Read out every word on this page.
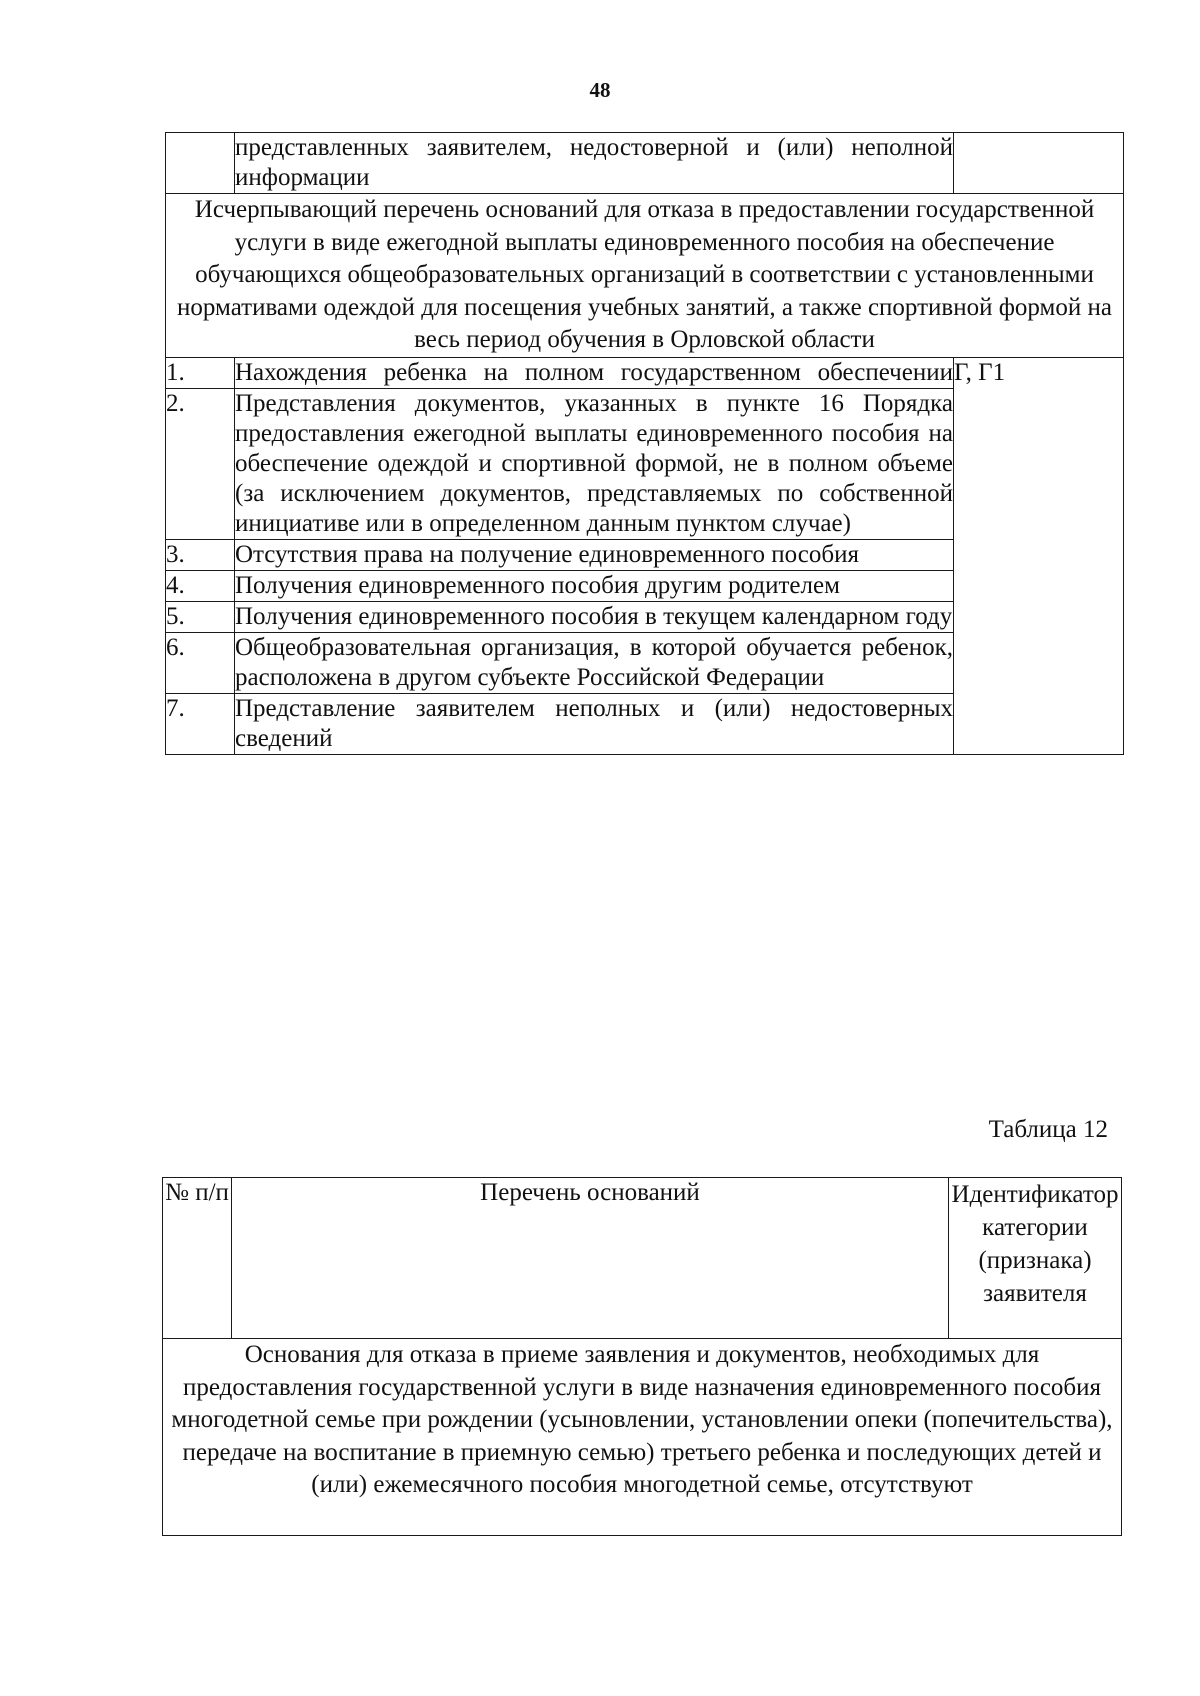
48
	представленных заявителем, недостоверной и (или) неполной информации	
Исчерпывающий перечень оснований для отказа в предоставлении государственной услуги в виде ежегодной выплаты единовременного пособия на обеспечение обучающихся общеобразовательных организаций в соответствии с установленными нормативами одеждой для посещения учебных занятий, а также спортивной формой на весь период обучения в Орловской области		
1.	Нахождения ребенка на полном государственном обеспечении	Г, Г1
2.	Представления документов, указанных в пункте 16 Порядка предоставления ежегодной выплаты единовременного пособия на обеспечение одеждой и спортивной формой, не в полном объеме (за исключением документов, представляемых по собственной инициативе или в определенном данным пунктом случае)	
3.	Отсутствия права на получение единовременного пособия	
4.	Получения единовременного пособия другим родителем	
5.	Получения единовременного пособия в текущем календарном году	
6.	Общеобразовательная организация, в которой обучается ребенок, расположена в другом субъекте Российской Федерации	
7.	Представление заявителем неполных и (или) недостоверных сведений	
Таблица 12
№ п/п	Перечень оснований	Идентификатор категории (признака) заявителя
Основания для отказа в приеме заявления и документов, необходимых для предоставления государственной услуги в виде назначения единовременного пособия многодетной семье при рождении (усыновлении, установлении опеки (попечительства), передаче на воспитание в приемную семью) третьего ребенка и последующих детей и (или) ежемесячного пособия многодетной семье, отсутствуют
